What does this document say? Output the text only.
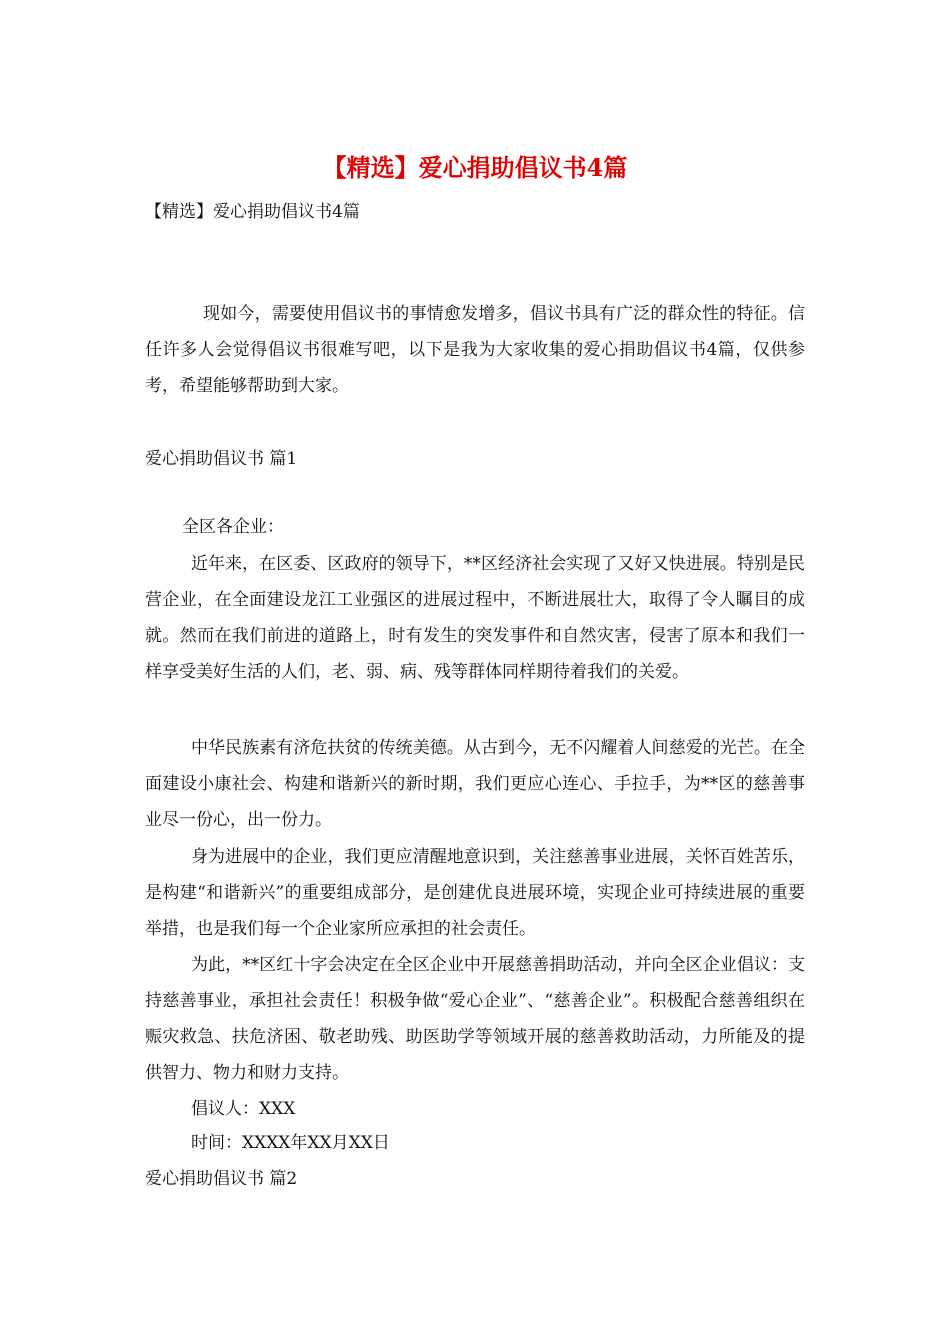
【精选】爱心捐助倡议书4篇
【精选】爱心捐助倡议书4篇
现如今，需要使用倡议书的事情愈发增多，倡议书具有广泛的群众性的特征。信任许多人会觉得倡议书很难写吧，以下是我为大家收集的爱心捐助倡议书4篇，仅供参考，希望能够帮助到大家。
爱心捐助倡议书 篇1
全区各企业：
近年来，在区委、区政府的领导下，**区经济社会实现了又好又快进展。特别是民营企业，在全面建设龙江工业强区的进展过程中，不断进展壮大，取得了令人瞩目的成就。然而在我们前进的道路上，时有发生的突发事件和自然灾害，侵害了原本和我们一样享受美好生活的人们，老、弱、病、残等群体同样期待着我们的关爱。
中华民族素有济危扶贫的传统美德。从古到今，无不闪耀着人间慈爱的光芒。在全面建设小康社会、构建和谐新兴的新时期，我们更应心连心、手拉手，为**区的慈善事业尽一份心，出一份力。
身为进展中的企业，我们更应清醒地意识到，关注慈善事业进展，关怀百姓苦乐，是构建“和谐新兴”的重要组成部分，是创建优良进展环境，实现企业可持续进展的重要举措，也是我们每一个企业家所应承担的社会责任。
为此，**区红十字会决定在全区企业中开展慈善捐助活动，并向全区企业倡议：支持慈善事业，承担社会责任！积极争做“爱心企业”、“慈善企业”。积极配合慈善组织在赈灾救急、扶危济困、敬老助残、助医助学等领域开展的慈善救助活动，力所能及的提供智力、物力和财力支持。
倡议人：XXX
时间：XXXX年XX月XX日
爱心捐助倡议书 篇2
